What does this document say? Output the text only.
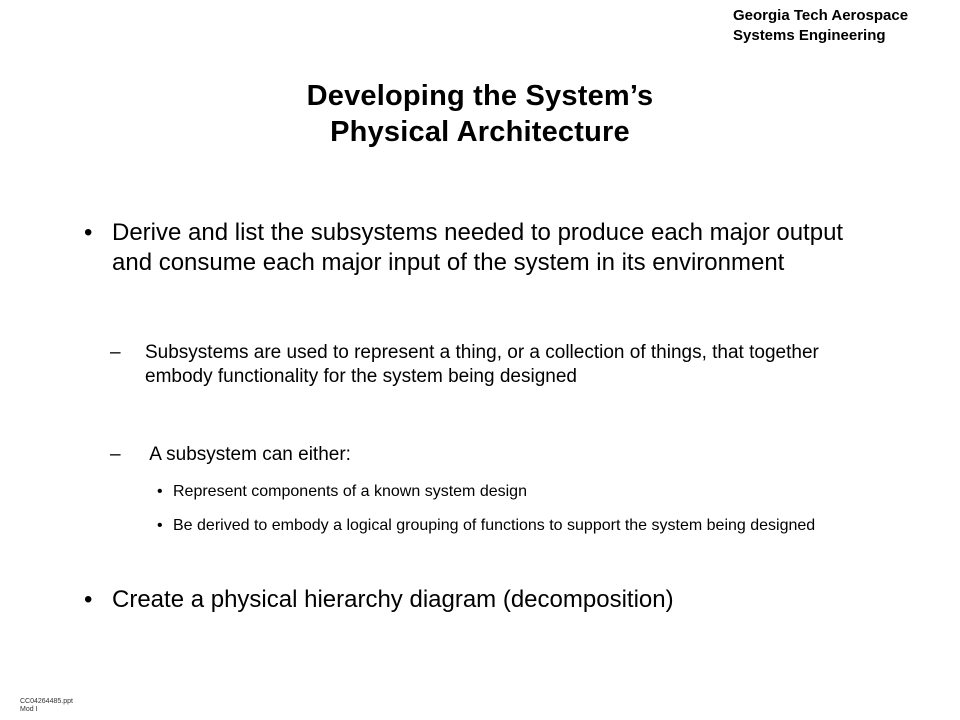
Georgia Tech Aerospace
Systems Engineering
Developing the System’s
Physical Architecture
• Derive and list the subsystems needed to produce each major output and consume each major input of the system in its environment
–	Subsystems are used to represent a thing, or a collection of things, that together embody functionality for the system being designed
–	A subsystem can either:
• Represent components of a known system design
• Be derived to embody a logical grouping of functions to support the system being designed
• Create a physical hierarchy diagram (decomposition)
CC04264485.ppt
Mod I
